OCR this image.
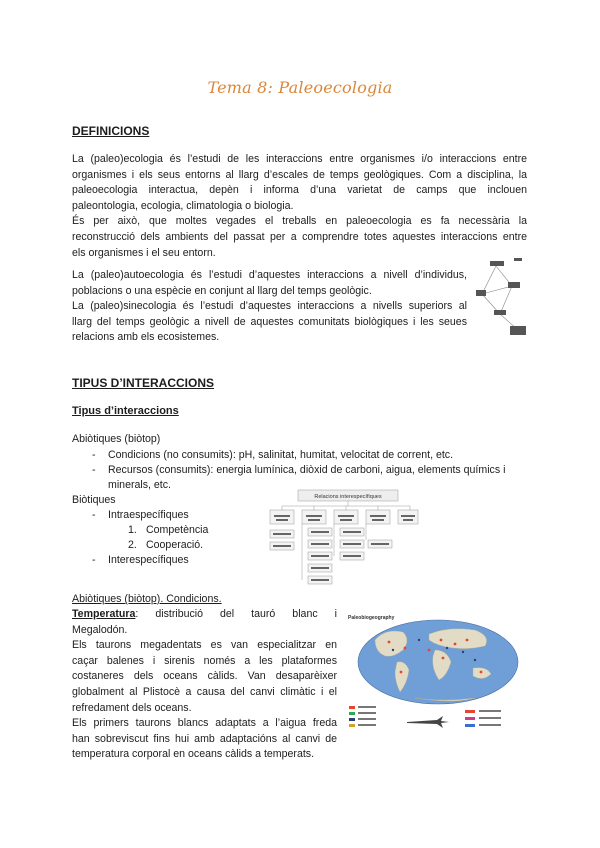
Tema 8: Paleoecologia
DEFINICIONS
La (paleo)ecologia és l’estudi de les interaccions entre organismes i/o interaccions entre
organismes i els seus entorns al llarg d’escales de temps geològiques. Com a disciplina, la
paleoecologia interactua, depèn i informa d’una varietat de camps que inclouen
paleontologia, ecologia, climatologia o biologia.
És per això, que moltes vegades el treballs en paleoecologia es fa necessària la
reconstrucció dels ambients del passat per a comprendre totes aquestes interaccions entre
els organismes i el seu entorn.
La (paleo)autoecologia és l’estudi d’aquestes interaccions a nivell d’individus,
poblacions o una espècie en conjunt al llarg del temps geològic.
La (paleo)sinecologia és l’estudi d’aquestes interaccions a nivells superiors al
llarg del temps geològic a nivell de aquestes comunitats biològiques i les seues
relacions amb els ecosistemes.
TIPUS D’INTERACCIONS
Tipus d’interaccions
Abiòtiques (biòtop)
- Condicions (no consumits): pH, salinitat, humitat, velocitat de corrent, etc.
- Recursos (consumits): energia lumínica, diòxid de carboni, aigua, elements químics i
minerals, etc.
Biòtiques
- Intraespecífiques
1. Competència
2. Cooperació.
- Interespecífiques
Relacions interespecífiques
Abiòtiques (biòtop). Condicions.
Temperatura: distribució del tauró blanc i
Megalodón.
Els taurons megadentats es van especialitzar en
caçar balenes i sirenis només a les plataformes
costaneres dels oceans càlids. Van desaparèixer
globalment al Plistocè a causa del canvi climàtic i el
refredament dels oceans.
Els primers taurons blancs adaptats a l’aigua freda
han sobreviscut fins hui amb adaptacións al canvi de
temperatura corporal en oceans càlids a temperats.
Paleobiogeography
